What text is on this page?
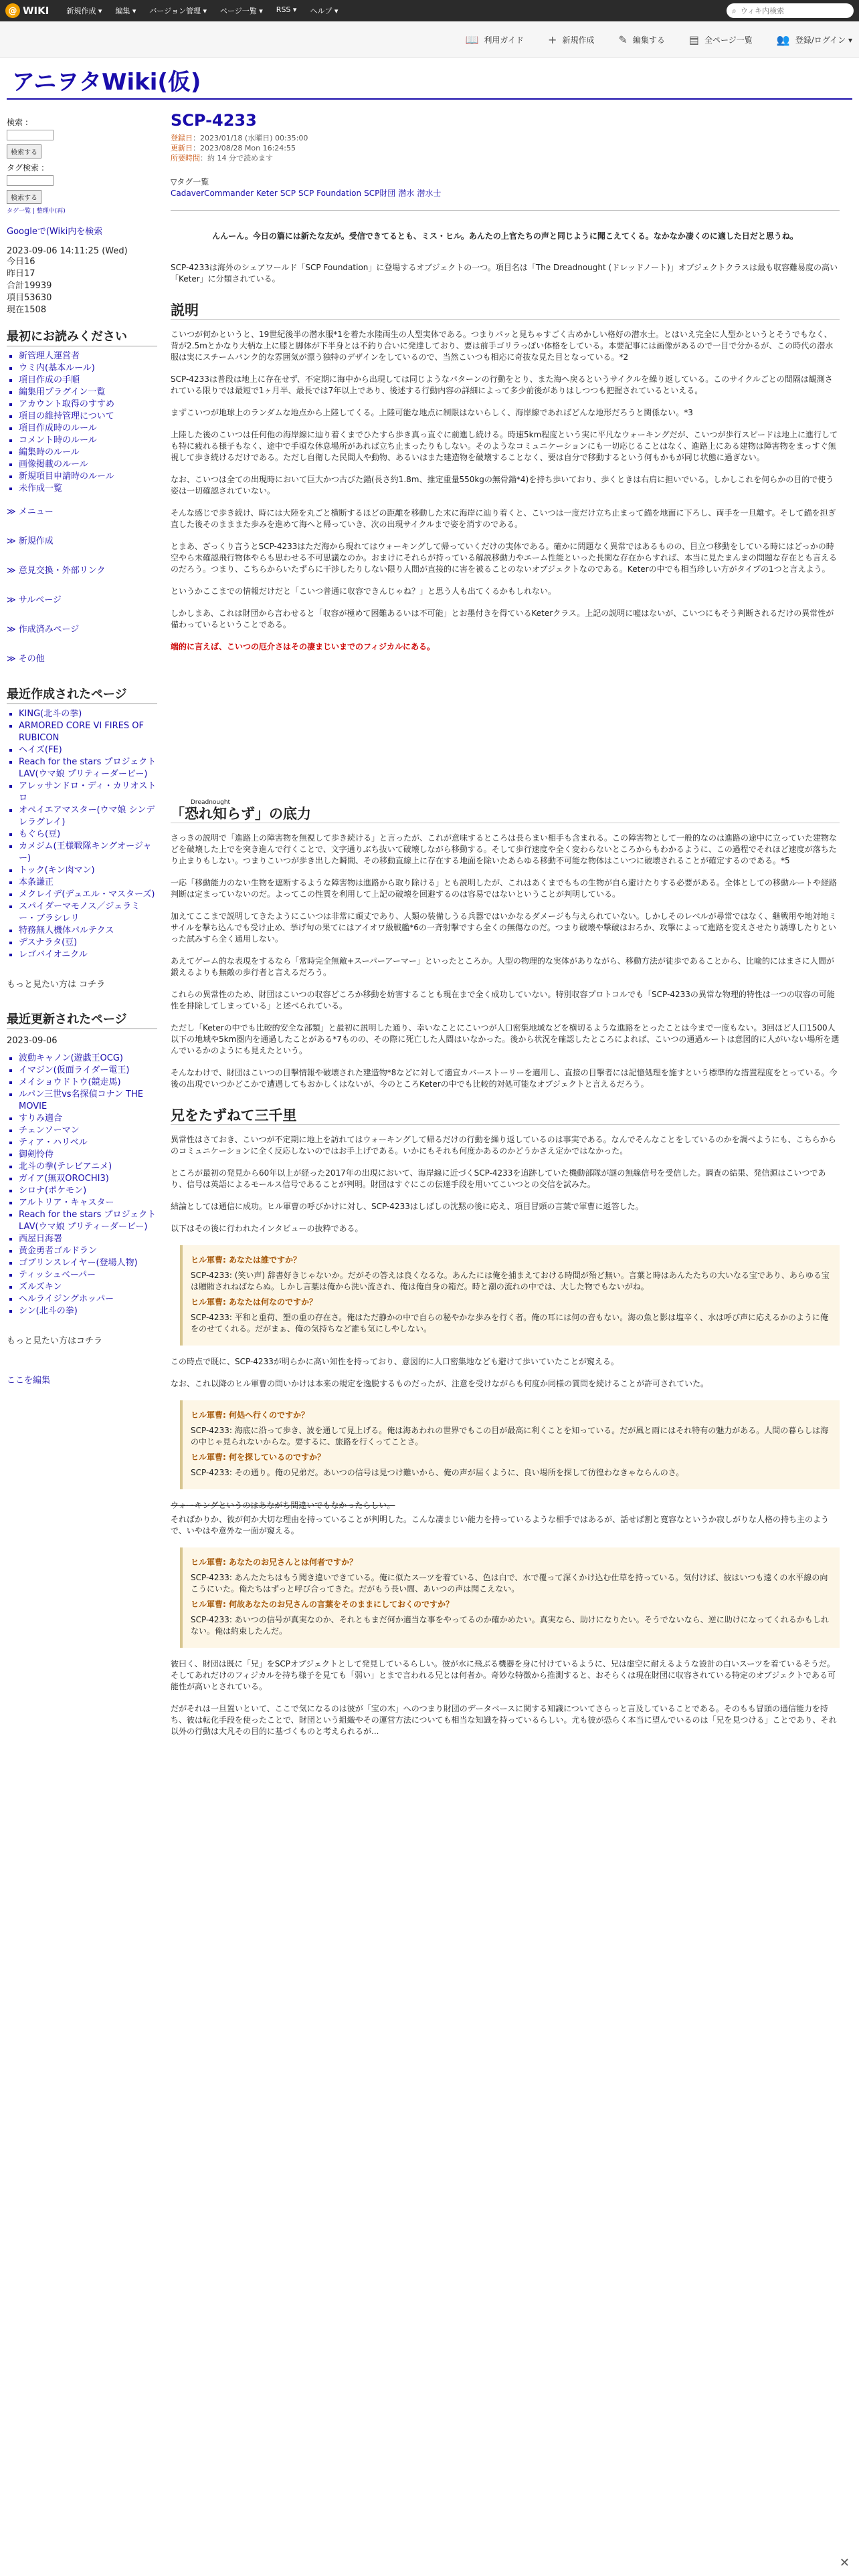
@ WIKI	新規作成 ▾	編集 ▾	バージョン管理 ▾	ページ一覧 ▾	RSS ▾	ヘルプ ▾	⌕
ウィキ内検索
📖 利用ガイド + 新規作成 ✎ 編集する ▤ 全ページ一覧 👥 登録/ログイン ▾
アニヲタWiki(仮)
検索 :
検索する
タグ検索 :
検索する
タグ一覧 | 整理中(再)
Googleで(Wiki内を検索
2023-09-06 14:11:25 (Wed)
今日16
昨日17
合計19939
項目53630
現在1508
最初にお読みください
▪ 新管理人運営者
▪ ウミ内(基本ルール)
▪ 項目作成の手順
▪ 編集用プラグイン一覧
▪ アカウント取得のすすめ
▪ 項目の維持管理について
▪ 項目作成時のルール
▪ コメント時のルール
▪ 編集時のルール
▪ 画像掲載のルール
▪ 新規項目申請時のルール
▪ 未作成一覧
≫ メニュー
≫ 新規作成
≫ 意見交換・外部リンク
≫ サルベージ
≫ 作成済みページ
≫ その他
最近作成されたページ
▪ KING(北斗の拳)
▪ ARMORED CORE VI FIRES OF RUBICON
▪ ヘイズ(FE)
▪ Reach for the stars プロジェクトLAV(ウマ娘 プリティーダービー)
▪ アレッサンドロ・ディ・カリオストロ
▪ オペイエアマスター(ウマ娘 シンデレラグレイ)
▪ もぐら(豆)
▪ カメジム(王様戦隊キングオージャー)
▪ トック(キン肉マン)
▪ 本条謙正
▪ メクレイデ(デュエル・マスターズ)
▪ スパイダーマモノス／ジェラミー・ブラシレリ
▪ 特務無人機体パルテクス
▪ デスナラタ(豆)
▪ レゴバイオニクル
もっと見たい方は コチラ
最近更新されたページ
2023-09-06
▪ 波動キャノン(遊戯王OCG)
▪ イマジン(仮面ライダー電王)
▪ メイショウドトウ(競走馬)
▪ ルパン三世vs名探偵コナン THE MOVIE
▪ すりみ適合
▪ チェンソーマン
▪ ティア・ハリベル
▪ 御剣怜侍
▪ 北斗の拳(テレビアニメ)
▪ ガイア(無双OROCHI3)
▪ シロナ(ポケモン)
▪ アルトリア・キャスター
▪ Reach for the stars プロジェクトLAV(ウマ娘 プリティーダービー)
▪ 西屋日海署
▪ 黄金勇者ゴルドラン
▪ ゴブリンスレイヤー(登場人物)
▪ ティッシュベーパー
▪ ズルズキン
▪ ヘルライジングホッパー
▪ シン(北斗の拳)
もっと見たい方はコチラ
ここを編集
SCP-4233
登録日：2023/01/18 (水曜日) 00:35:00
更新日：2023/08/28 Mon 16:24:55
所要時間：約 14 分で読めます
▽タグ一覧
CadaverCommander Keter SCP SCP Foundation SCP財団 潜水 潜水士
んんーん。今日の篇には新たな友が。受信できてるとも、ミス・ヒル。あんたの上官たちの声と同じように聞こえてくる。なかなか凄くのに適した日だと思うね。

SCP-4233は海外のシェアワールド「SCP Foundation」に登場するオブジェクトの一つ。項目名は「The Dreadnought (ドレッドノート)」オブジェクトクラスは最も収容難易度の高い「Keter」に分類されている。

説明

こいつが何かというと、19世紀後半の潜水服*1を着た水陸両生の人型実体である。つまりパッと見ちゃすごく古めかしい格好の潜水士。とはいえ完全に人型かというとそうでもなく、背が2.5mとかなり大柄な上に膝と脚体が下半身とは不釣り合いに発達しており、要は前手ゴリラっぽい体格をしている。本要記事には画像があるので一目で分かるが、この時代の潜水服は実にスチームパンク的な雰囲気が漂う独特のデザインをしているので、当然こいつも相応に奇抜な見た目となっている。*2

SCP-4233は普段は地上に存在せず、不定期に海中から出現しては同じようなパターンの行動をとり、また海へ戻るというサイクルを繰り返している。このサイクルごとの間隔は観測されている限りでは最短で1ヶ月半、最長では7年以上であり、後述する行動内容の詳細によって多少前後がありはしつつも把握されているといえる。

まずこいつが地球上のランダムな地点から上陸してくる。上陸可能な地点に制限はないらしく、海岸線であればどんな地形だろうと関係ない。*3

上陸した後のこいつは任何他の海岸線に辿り着くまでひたすら歩き真っ直ぐに前進し続ける。時速5km程度という実に平凡なウォーキングだが、こいつが歩行スピードは地上に進行しても特に疲れる様子もなく、途中で手頃な休息場所があれば立ち止まったりもしない。そのようなコミュニケーションにも一切応じることはなく、進路上にある建物は障害物をまっすぐ無視して歩き続けるだけである。ただし自衛した民間人や動物、あるいはまた建造物を破壊することなく、要は自分で移動するという何もかもが同じ状態に過ぎない。

なお、こいつは全ての出現時において巨大かつ古びた錨(長さ約1.8m、推定重量550kgの無骨錨*4)を持ち歩いており、歩くときは右肩に担いでいる。しかしこれを何らかの目的で使う姿は一切確認されていない。

そんな感じで歩き続け、時には大陸を丸ごと横断するほどの距離を移動した末に海岸に辿り着くと、こいつは一度だけ立ち止まって錨を地面に下ろし、両手を一旦離す。そして錨を担ぎ直した後そのまままた歩みを進めて海へと帰っていき、次の出現サイクルまで姿を消すのである。

とまあ、ざっくり言うとSCP-4233はただ海から現れてはウォーキングして帰っていくだけの実体である。確かに問題なく異常ではあるものの、目立つ移動をしている時にはどっかの時空やら未確認飛行物体やらも思わせる不可思議なのか。おまけにそれらが持っている解説移動力やエーム性能といった長閑な存在からすれば、本当に見たまんまの問題な存在とも言えるのだろう。つまり、こちらからいたずらに干渉したりしない限り人間が直接的に害を被ることのないオブジェクトなのである。Keterの中でも相当珍しい方がタイプの1つと言えよう。

というかここまでの情報だけだと「こいつ普通に収容できんじゃね？」と思う人も出てくるかもしれない。

しかしまあ、これは財団から言わせると「収容が極めて困難あるいは不可能」とお墨付きを得ているKeterクラス。上記の説明に嘘はないが、こいつにもそう判断されるだけの異常性が備わっているということである。

端的に言えば、こいつの厄介さはその凄まじいまでのフィジカルにある。

Dreadnought
「恐れ知らず」の底力

さっきの説明で「進路上の障害物を無視して歩き続ける」と言ったが、これが意味するところは長らまい相手も含まれる。この障害物として一般的なのは進路の途中に立っていた建物などを破壊した上でを突き進んで行くことで、文字通りぶち抜いて破壊しながら移動する。そして歩行速度や全く変わらないところからもわかるように、この過程でそれほど速度が落ちたり止まりもしない。つまりこいつが歩き出した瞬間、その移動直線上に存在する地面を除いたあらゆる移動不可能な物体はこいつに破壊されることが確定するのである。*5

一応「移動能力のない生物を遮断するような障害物は進路から取り除ける」とも説明したが、これはあくまでももの生物が自ら避けたりする必要がある。全体としての移動ルートや経路判断は定まっていないのだ。よってこの性質を利用して上記の破壊を回避するのは容易ではないということが判明している。

加えてここまで説明してきたようにこいつは非常に頑丈であり、人類の装備しうる兵器ではいかなるダメージも与えられていない。しかしそのレベルが尋常ではなく、継戦用や地対地ミサイルを撃ち込んでも受け止め、挙げ句の果てにはアイオワ級戦艦*6の一斉射撃ですら全くの無傷なのだ。つまり破壊や撃破はおろか、攻撃によって進路を変えさせたり誘導したりといった試みすら全く通用しない。

あえてゲーム的な表現をするなら「常時完全無敵+スーパーアーマー」といったところか。人型の物理的な実体がありながら、移動方法が徒歩であることから、比喩的にはまさに人間が鍛えるよりも無敵の歩行者と言えるだろう。

これらの異常性のため、財団はこいつの収容どころか移動を妨害することも現在まで全く成功していない。特別収容プロトコルでも「SCP-4233の異常な物理的特性は一つの収容の可能性を排除してしまっている」と述べられている。

ただし「Keterの中でも比較的安全な部類」と最初に説明した通り、幸いなことにこいつが人口密集地域などを横切るような進路をとったことは今まで一度もない。3回ほど人口1500人以下の地域や5km圏内を通過したことがある*7ものの、その際に死亡した人間はいなかった。後から状況を確認したところによれば、こいつの通過ルートは意図的に人がいない場所を選んでいるかのようにも見えたという。

そんなわけで、財団はこいつの目撃情報や破壊された建造物*8などに対して適宜カバーストーリーを適用し、直接の目撃者には記憶処理を施すという標準的な措置程度をとっている。今後の出現でいつかどこかで遭遇してもおかしくはないが、今のところKeterの中でも比較的対処可能なオブジェクトと言えるだろう。

兄をたずねて三千里

異常性はさておき、こいつが不定期に地上を訪れてはウォーキングして帰るだけの行動を繰り返しているのは事実である。なんでそんなことをしているのかを調べようにも、こちらからのコミュニケーションに全く反応しないのではお手上げである。いかにもそれも何度かあるのかどうかさえ定かではなかった。

ところが最初の発見から60年以上が経った2017年の出現において、海岸線に近づくSCP-4233を追跡していた機動部隊が謎の無線信号を受信した。調査の結果、発信源はこいつであり、信号は英語によるモールス信号であることが判明。財団はすぐにこの伝達手段を用いてこいつとの交信を試みた。

結論としては通信に成功。ヒル軍曹の呼びかけに対し、SCP-4233はしばしの沈黙の後に応え、項目冒頭の言葉で軍曹に返答した。

以下はその後に行われたインタビューの抜粋である。

ヒル軍曹: あなたは誰ですか？
SCP-4233: (笑い声) 辞書好きじゃないか。だがその答えは良くなるな。あんたには俺を捕まえておける時間が殆ど無い。言葉と時はあんたたちの大いなる宝であり、あらゆる宝は贈賄されねばならぬ。しかし言葉は俺から洗い流され、俺は俺自身の箱だ。時と潮の流れの中では、大した物でもないがね。
ヒル軍曹: あなたは何なのですか？
SCP-4233: 平和と重荷、塑の重の存在さ。俺はただ静かの中で自らの秘やかな歩みを行く者。俺の耳には何の音もない。海の魚と影は塩辛く、水は呼び声に応えるかのように俺をのせてくれる。だがまぁ、俺の気持ちなど誰も気にしやしない。

この時点で既に、SCP-4233が明らかに高い知性を持っており、意図的に人口密集地なども避けて歩いていたことが窺える。

なお、これ以降のヒル軍曹の問いかけは本来の規定を逸脱するものだったが、注意を受けながらも何度か同様の質問を続けることが許可されていた。

ヒル軍曹: 何処へ行くのですか？
SCP-4233: 海底に沿って歩き、波を通して見上げる。俺は海あわれの世界でもこの目が最高に利くことを知っている。だが風と雨にはそれ特有の魅力がある。人間の暮らしは海の中じゃ見られないからな。要するに、旅路を行くってことさ。
ヒル軍曹: 何を探しているのですか？
SCP-4233: その通り。俺の兄弟だ。あいつの信号は見つけ難いから、俺の声が届くように、良い場所を探して彷徨わなきゃならんのさ。

ウォーキングというのはあながち間違いでもなかったらしい。

そればかりか、彼が何か大切な理由を持っていることが判明した。こんな凄まじい能力を持っているような相手ではあるが、話せば割と寛容なというか寂しがりな人格の持ち主のようで、いやはや意外な一面が窺える。

ヒル軍曹: あなたのお兄さんとは何者ですか？
SCP-4233: あんたたちはもう聞き違いできている。俺に似たスーツを着ている、色は白で、水で覆って深くかけ込む仕草を持っている。気付けば、彼はいつも遠くの水平線の向こうにいた。俺たちはずっと呼び合ってきた。だがもう長い間、あいつの声は聞こえない。
ヒル軍曹: 何故あなたのお兄さんの言葉をそのままにしておくのですか？
SCP-4233: あいつの信号が真実なのか、それともまだ何か適当な事をやってるのか確かめたい。真実なら、助けになりたい。そうでないなら、逆に助けになってくれるかもしれない。俺は約束したんだ。

彼曰く、財団は既に「兄」をSCPオブジェクトとして発見しているらしい。彼が水に飛ぶる機器を身に付けているように、兄は虚空に耐えるような設計の白いスーツを着ているそうだ。そしてあれだけのフィジカルを持ち様子を見ても「弱い」とまで言われる兄とは何者か。奇妙な特徴から推測すると、おそらくは現在財団に収容されている特定のオブジェクトである可能性が高いとされている。

だがそれは一旦置いといて、ここで気になるのは彼が「宝の木」へのつまり財団のデータベースに関する知識についてさらっと言及していることである。そのもも冒頭の通信能力を持ち、彼は転化手段を使ったことで、財団という組織やその運営方法についても相当な知識を持っているらしい。尤も彼が恐らく本当に望んでいるのは「兄を見つける」ことであり、それ以外の行動は大凡その目的に基づくものと考えられるが...

✕
